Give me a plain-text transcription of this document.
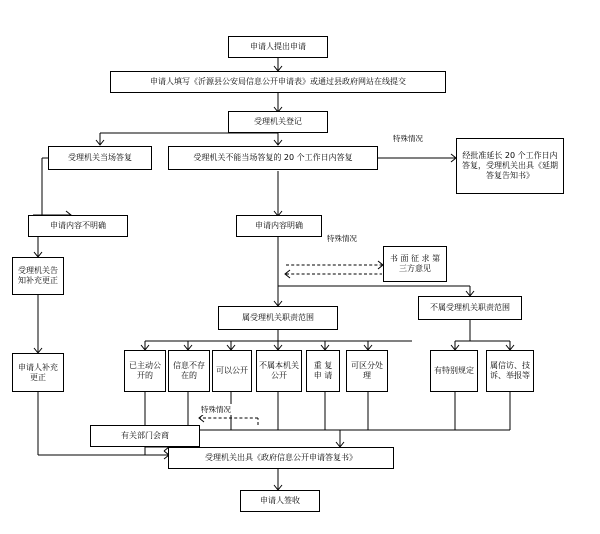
申请人提出申请
申请人填写《沂源县公安局信息公开申请表》或通过县政府网站在线提交
受理机关登记
受理机关当场答复	受理机关不能当场答复的 20 个工作日内答复	经批准延长 20 个工作日内答复，受理机关出具《延期答复告知书》
申请内容不明确	申请内容明确
书 面 征 求 第三方意见
受理机关告知补充更正
申请人补充更正
属受理机关职责范围
不属受理机关职责范围
已主动公开的
信息不存在的
可以公开
不属本机关公开
重 复 申 请
可区分处理
有特别规定
属信访、技诉、举报等
有关部门会商
受理机关出具《政府信息公开申请答复书》
申请人签收
特殊情况
特殊情况
特殊情况
